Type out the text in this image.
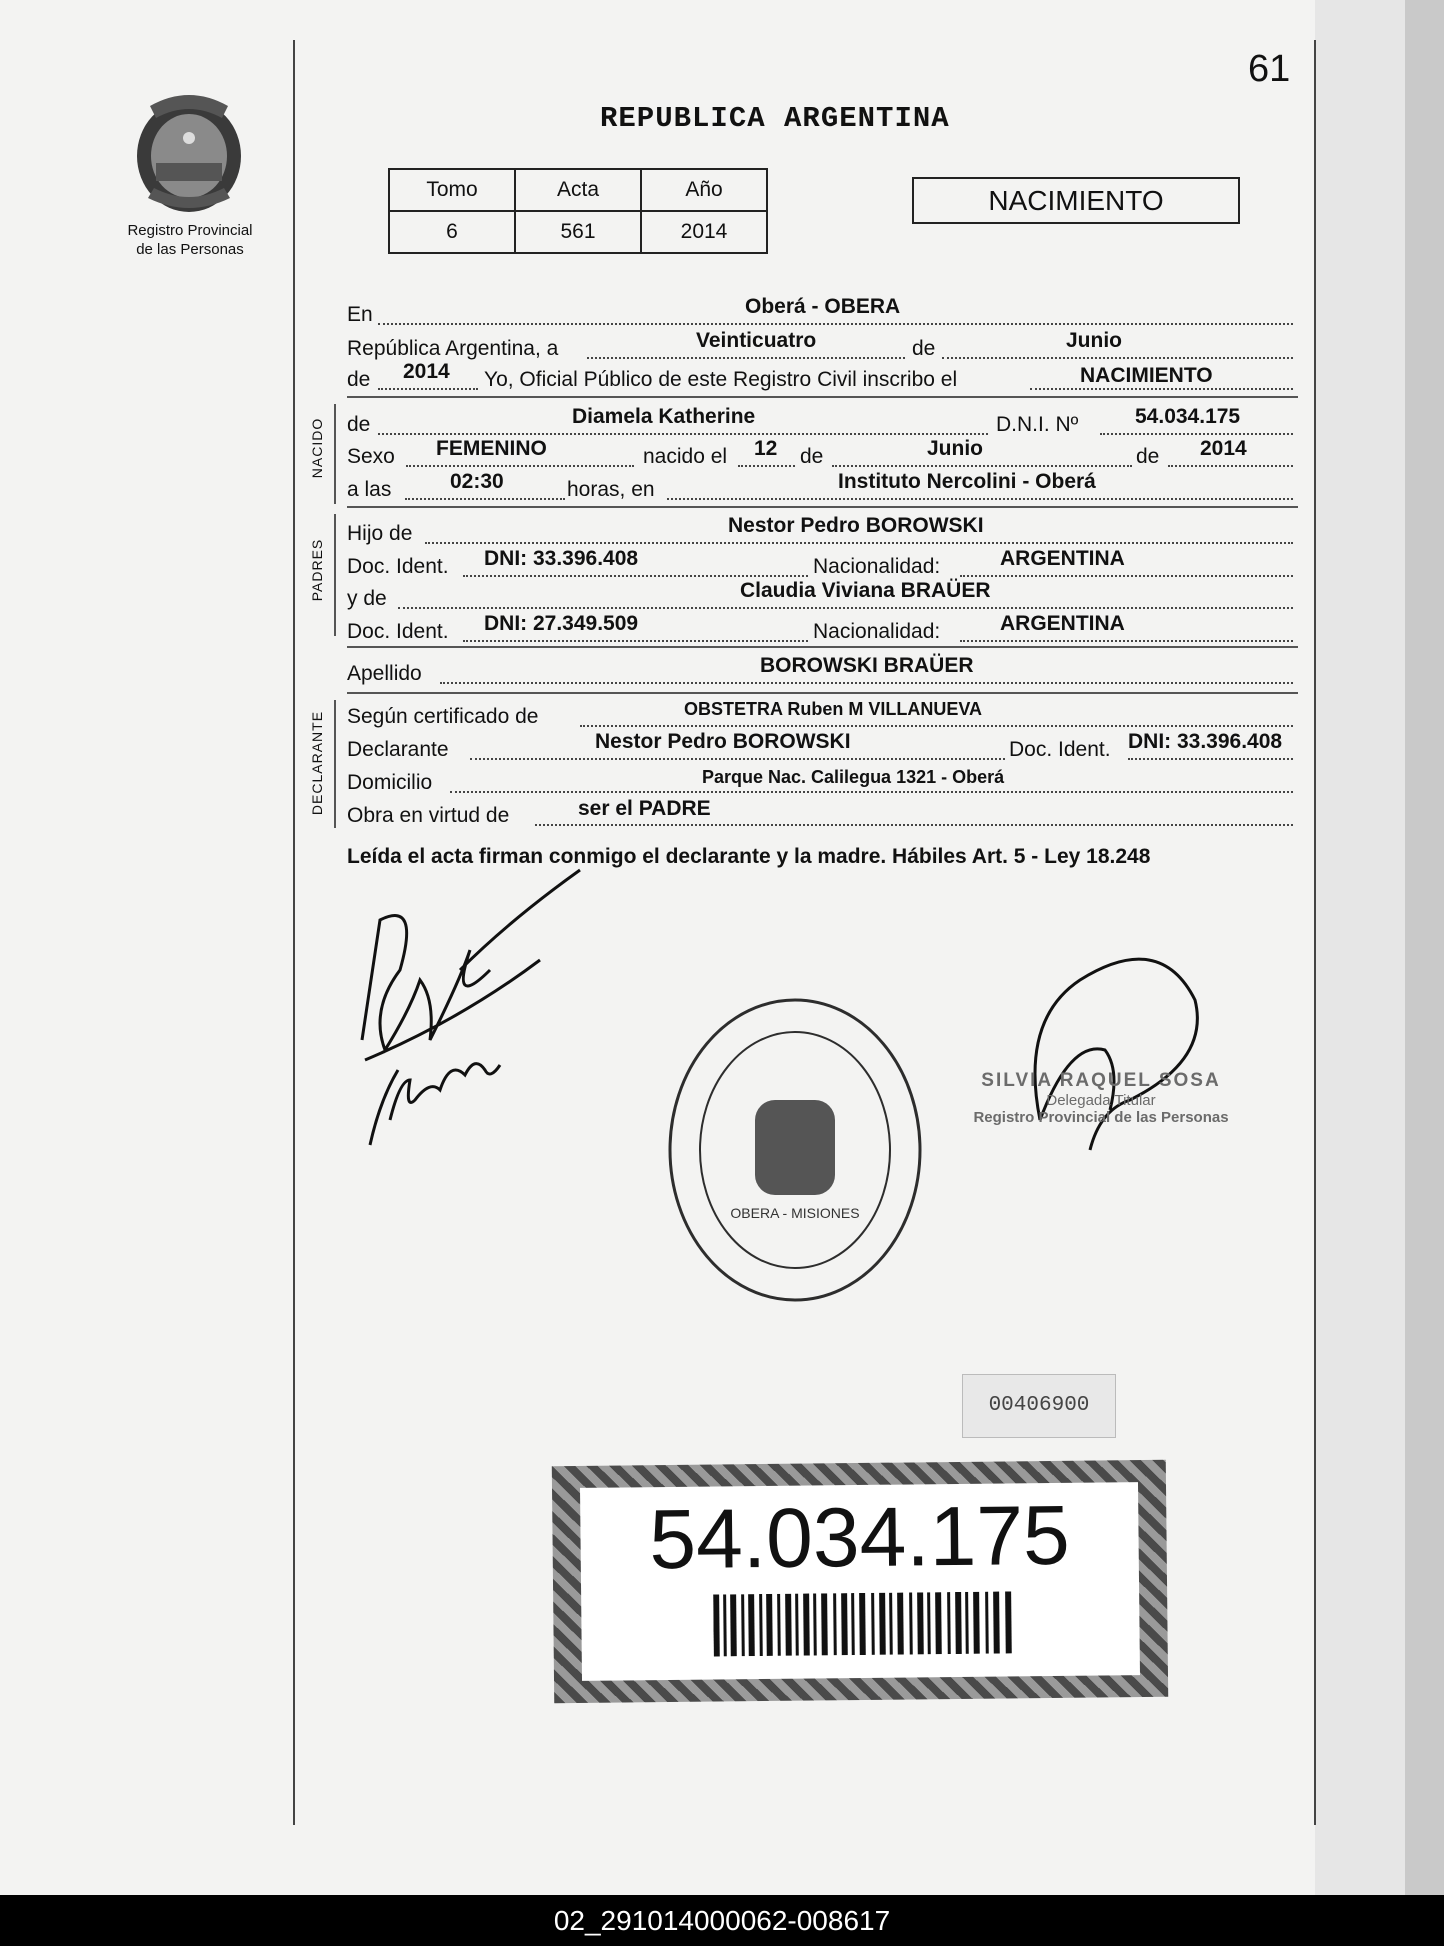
61
REPUBLICA ARGENTINA
Registro Provincial
de las Personas
Tomo	Acta	Año
6	561	2014
NACIMIENTO
En	Oberá - OBERA
República Argentina, a	Veinticuatro	de	Junio
de 2014 Yo, Oficial Público de este Registro Civil inscribo el	NACIMIENTO
NACIDO de	Diamela Katherine	D.N.I. Nº	54.034.175
Sexo FEMENINO	nacido el 12 de	Junio	de 2014
a las	02:30	horas, en	Instituto Nercolini - Oberá
PADRES
Hijo de	Nestor Pedro BOROWSKI
Doc. Ident. DNI: 33.396.408	Nacionalidad:	ARGENTINA
y de	Claudia Viviana BRAÜER
Doc. Ident. DNI: 27.349.509	Nacionalidad:	ARGENTINA
Apellido	BOROWSKI BRAÜER
DECLARANTE Según certificado de	OBSTETRA Ruben M VILLANUEVA
Declarante	Nestor Pedro BOROWSKI	Doc. Ident. DNI: 33.396.408
Domicilio	Parque Nac. Calilegua 1321 - Oberá
Obra en virtud de	ser el PADRE
Leída el acta firman conmigo el declarante y la madre. Hábiles Art. 5 - Ley 18.248
OBERA - MISIONES
SILVIA RAQUEL SOSA
Delegada Titular
Registro Provincial de las Personas
00406900
54.034.175
02_291014000062-008617
